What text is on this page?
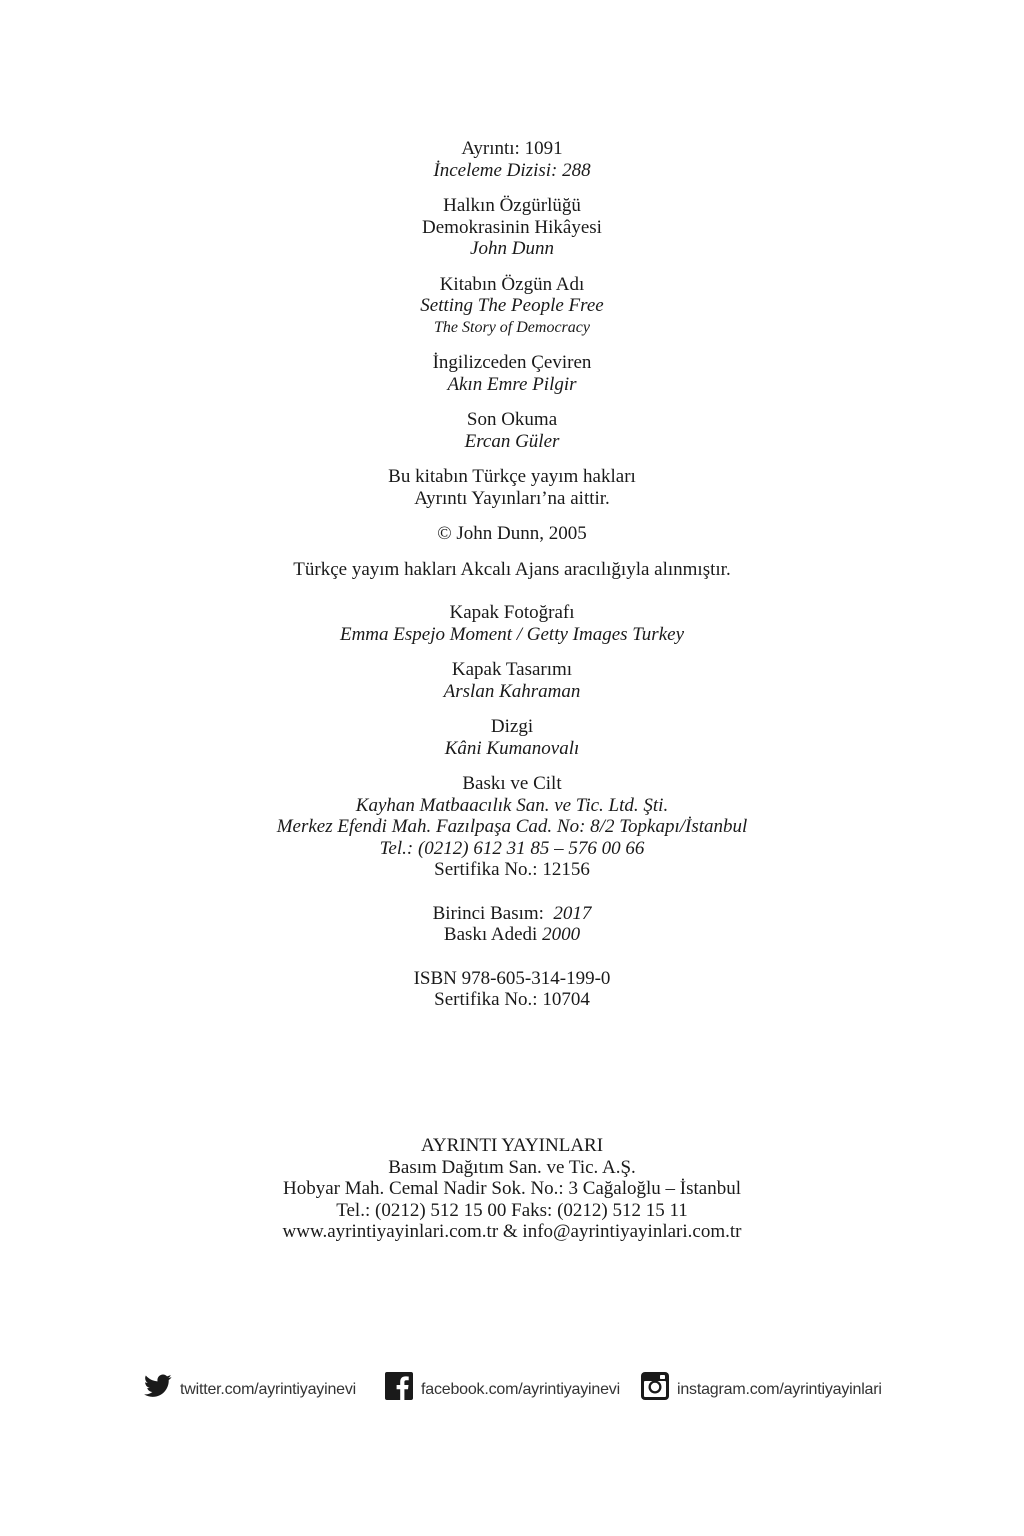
Ayrıntı: 1091
İnceleme Dizisi: 288
Halkın Özgürlüğü
Demokrasinin Hikâyesi
John Dunn
Kitabın Özgün Adı
Setting The People Free
The Story of Democracy
İngilizceden Çeviren
Akın Emre Pilgir
Son Okuma
Ercan Güler
Bu kitabın Türkçe yayım hakları
Ayrıntı Yayınları’na aittir.
© John Dunn, 2005
Türkçe yayım hakları Akcalı Ajans aracılığıyla alınmıştır.
Kapak Fotoğrafı
Emma Espejo Moment / Getty Images Turkey
Kapak Tasarımı
Arslan Kahraman
Dizgi
Kâni Kumanovalı
Baskı ve Cilt
Kayhan Matbaacılık San. ve Tic. Ltd. Şti.
Merkez Efendi Mah. Fazılpaşa Cad. No: 8/2 Topkapı/İstanbul
Tel.: (0212) 612 31 85 – 576 00 66
Sertifika No.: 12156
Birinci Basım: 2017
Baskı Adedi 2000
ISBN 978-605-314-199-0
Sertifika No.: 10704
AYRINTI YAYINLARI
Basım Dağıtım San. ve Tic. A.Ş.
Hobyar Mah. Cemal Nadir Sok. No.: 3 Cağaloğlu – İstanbul
Tel.: (0212) 512 15 00 Faks: (0212) 512 15 11
www.ayrintiyayinlari.com.tr & info@ayrintiyayinlari.com.tr
twitter.com/ayrintiyayinevi	facebook.com/ayrintiyayinevi	instagram.com/ayrintiyayinlari
